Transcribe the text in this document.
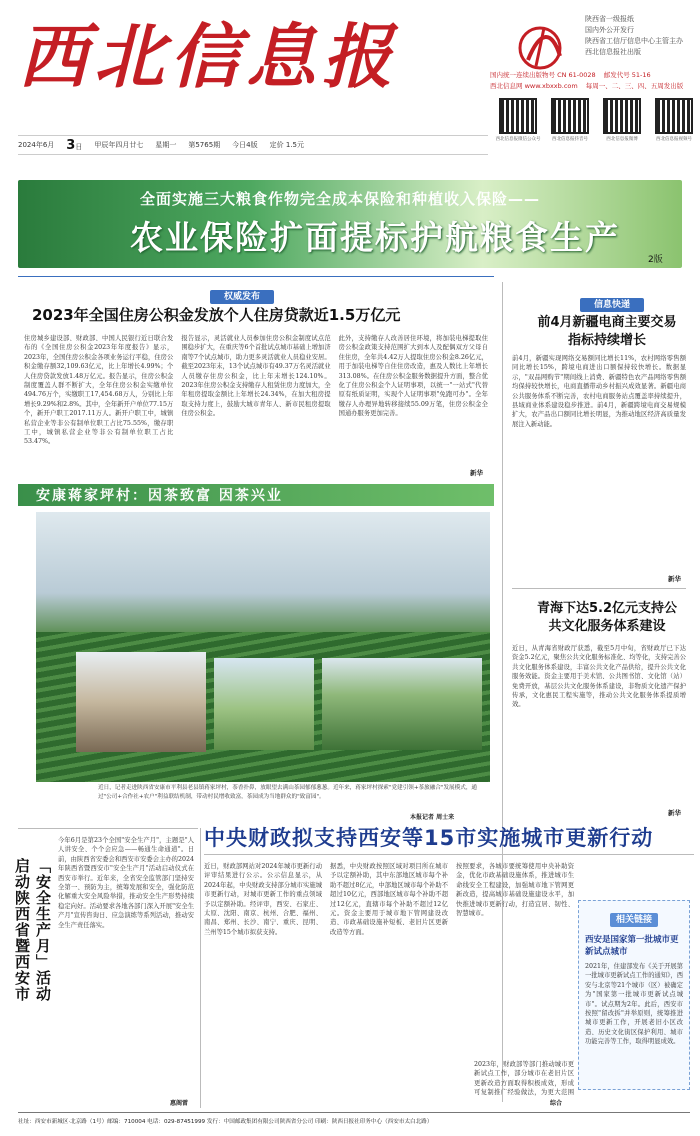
西北信息报	陕西省一级报纸
国内外公开发行
陕西省工信厅信息中心主管主办
西北信息报社出版
国内统一连续出版物号 CN 61-0028 邮发代号 51-16
西北信息网 www.xbxxb.com 每周一、二、三、四、五周发出版
西北信息报微信公众号	西北信息报抖音号	西北信息报微博	西北信息报视频号
2024年6月 3日 甲辰年四月廿七 星期一 第5765期 今日4版 定价 1.5元
全面实施三大粮食作物完全成本保险和种植收入保险——
农业保险扩面提标护航粮食生产
2版
权威发布
2023年全国住房公积金发放个人住房贷款近1.5万亿元
住房城乡建设部、财政部、中国人民银行近日联合发布的《全国住房公积金2023年年度报告》显示，2023年，全国住房公积金各项业务运行平稳，住房公积金缴存额32,109.63亿元，比上年增长4.99%；个人住房贷款发放1.48万亿元。报告显示，住房公积金制度覆盖人群不断扩大，全年住房公积金实缴单位494.76万个，实缴职工17,454.68万人，分别比上年增长9.29%和2.8%。其中，全年新开户单位77.15万个，新开户职工2017.11万人。新开户职工中，城镇私营企业等非公有制单位职工占比75.55%，缴存职工中，城镇私营企业等非公有制单位职工占比53.47%。
报告显示，灵活就业人员参加住房公积金制度试点范围稳步扩大，在重庆等6个首批试点城市基础上增加济南等7个试点城市，助力更多灵活就业人员稳业安居。截至2023年末，13个试点城市有49.37万名灵活就业人员缴存住房公积金，比上年末增长124.10%。2023年住房公积金支持缴存人租赁住房力度加大，全年租房提取金额比上年增长24.34%，在加大租房提取支持力度上，鼓励大城市青年人、新市民租房提取住房公积金。
此外，支持缴存人改善居住环境，将加装电梯提取住房公积金政策支持范围扩大到本人及配偶双方父母自住住房，全年共4.42万人提取住房公积金8.26亿元，用于加装电梯等自住住房改造，惠及人数比上年增长313.08%。在住房公积金服务数据提升方面，整合优化了住房公积金个人证明事项，以统一"一站式"代替原有纸质证明，实现个人证明事项"免跑可办"。全年缴存人办理异地转移接续55.09万笔，住房公积金全国通办服务更加完善。
新华
信息快递
前4月新疆电商主要交易指标持续增长
前4月，新疆实现网络交易额同比增长11%，农村网络零售额同比增长15%，跨境电商进出口额保持较快增长。数据显示，"双品网购节"期间线上消费、新疆特色农产品网络零售额均保持较快增长，电商直播带动乡村振兴成效显著。新疆电商公共服务体系不断完善，农村电商服务站点覆盖率持续提升，县域商业体系建设稳步推进。前4月，新疆跨境电商交易规模扩大，农产品出口额同比增长明显，为推动地区经济高质量发展注入新动能。
新华
青海下达5.2亿元支持公共文化服务体系建设
近日，从青海省财政厅获悉，截至5月中旬，省财政厅已下达资金5.2亿元，聚焦公共文化服务标准化、均等化，支持完善公共文化服务体系建设，丰富公共文化产品供给，提升公共文化服务效能。资金主要用于美术馆、公共图书馆、文化馆（站）免费开放，基层公共文化服务体系建设，非物质文化遗产保护传承，文化惠民工程实施等，推动公共文化服务体系提质增效。
新华
安康蒋家坪村：因茶致富 因茶兴业
近日，记者走进陕西省安康市平利县老县镇蒋家坪村，茶香扑鼻，放眼望去满山茶园郁郁葱葱。近年来，蒋家坪村探索"党建引领+茶旅融合"发展模式，通过"公司+合作社+农户"利益联结机制，带动村民增收致富，茶园成为当地群众的"致富园"。
本报记者 周士来
「安全生产月」活动启动陕西省暨西安市
今年6月是第23个全国"安全生产月"，主题是"人人讲安全、个个会应急——畅通生命通道"。日前，由陕西省安委会和西安市安委会主办的2024年陕西省暨西安市"安全生产月"活动启动仪式在西安市举行。近年来，全省安全监管部门坚持安全第一、预防为主，统筹发展和安全，强化防范化解重大安全风险举措，推动安全生产形势持续稳定向好。活动要求各地各部门深入开展"安全生产月"宣传咨询日、应急演练等系列活动，推动安全生产责任落实。
惠阁雷
中央财政拟支持西安等15市实施城市更新行动
近日，财政部网站对2024年城市更新行动评审结果进行公示。公示信息显示，从2024年起，中央财政支持部分城市实施城市更新行动，对城市更新工作的重点领域予以定额补助。经评审，西安、石家庄、太原、沈阳、南京、杭州、合肥、福州、南昌、郑州、长沙、南宁、重庆、昆明、兰州等15个城市拟获支持。
据悉，中央财政按照区域对项目所在城市予以定额补助，其中东部地区城市每个补助不超过8亿元，中部地区城市每个补助不超过10亿元，西部地区城市每个补助不超过12亿元，直辖市每个补助不超过12亿元。资金主要用于城市地下管网建设改造、市政基础设施补短板、老旧片区更新改造等方面。
按照要求，各城市要统筹使用中央补助资金，优化市政基础设施体系，推进城市生命线安全工程建设，加强城市地下管网更新改造，提高城市基础设施建设水平，加快推进城市更新行动，打造宜居、韧性、智慧城市。
2023年，财政部等部门推动城市更新试点工作，部分城市在老旧片区更新改造方面取得积极成效，形成可复制推广经验做法，为更大范围
综合
相关链接
西安是国家第一批城市更新试点城市
2021年，住建部发布《关于开展第一批城市更新试点工作的通知》，西安与北京等21个城市（区）被确定为"国家第一批城市更新试点城市"。试点期为2年。此后，西安市按照"留改拆"并举原则，统筹推进城市更新工作，开展老旧小区改造、历史文化街区保护利用、城市功能完善等工作，取得明显成效。
社址：西安市新城区·北京路（1号）邮编：710004 电话：029-87451999 发行：中国邮政集团有限公司陕西省分公司 印刷：陕西日报社印务中心（西安市太白北路）
